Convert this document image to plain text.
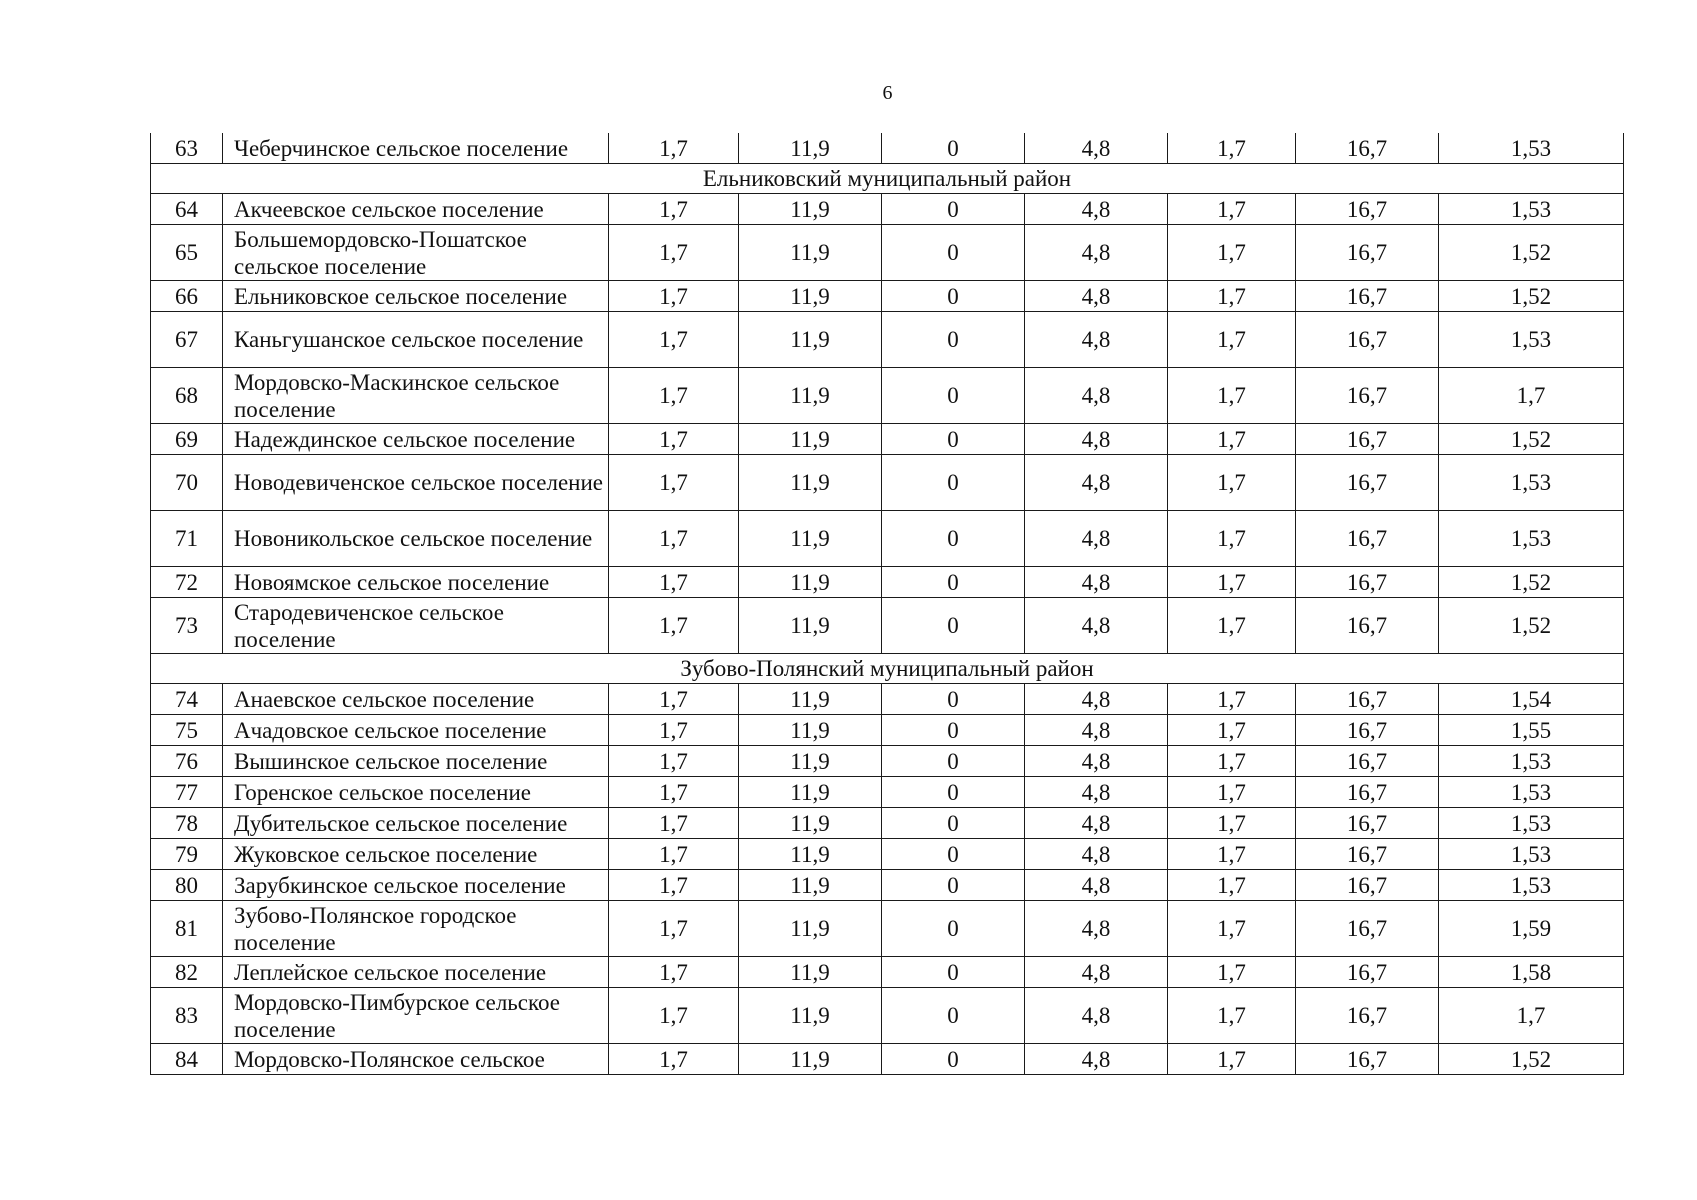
6
63	Чеберчинское сельское поселение	1,7	11,9	0	4,8	1,7	16,7	1,53
Ельниковский муниципальный район								
64	Акчеевское сельское поселение	1,7	11,9	0	4,8	1,7	16,7	1,53
65	Большемордовско-Пошатское сельское поселение	1,7	11,9	0	4,8	1,7	16,7	1,52
66	Ельниковское сельское поселение	1,7	11,9	0	4,8	1,7	16,7	1,52
67	Каньгушанское сельское поселение	1,7	11,9	0	4,8	1,7	16,7	1,53
68	Мордовско-Маскинское сельское поселение	1,7	11,9	0	4,8	1,7	16,7	1,7
69	Надеждинское сельское поселение	1,7	11,9	0	4,8	1,7	16,7	1,52
70	Новодевиченское сельское поселение	1,7	11,9	0	4,8	1,7	16,7	1,53
71	Новоникольское сельское поселение	1,7	11,9	0	4,8	1,7	16,7	1,53
72	Новоямское сельское поселение	1,7	11,9	0	4,8	1,7	16,7	1,52
73	Стародевиченское сельское поселение	1,7	11,9	0	4,8	1,7	16,7	1,52
Зубово-Полянский муниципальный район								
74	Анаевское сельское поселение	1,7	11,9	0	4,8	1,7	16,7	1,54
75	Ачадовское сельское поселение	1,7	11,9	0	4,8	1,7	16,7	1,55
76	Вышинское сельское поселение	1,7	11,9	0	4,8	1,7	16,7	1,53
77	Горенское сельское поселение	1,7	11,9	0	4,8	1,7	16,7	1,53
78	Дубительское сельское поселение	1,7	11,9	0	4,8	1,7	16,7	1,53
79	Жуковское сельское поселение	1,7	11,9	0	4,8	1,7	16,7	1,53
80	Зарубкинское сельское поселение	1,7	11,9	0	4,8	1,7	16,7	1,53
81	Зубово-Полянское городское поселение	1,7	11,9	0	4,8	1,7	16,7	1,59
82	Леплейское сельское поселение	1,7	11,9	0	4,8	1,7	16,7	1,58
83	Мордовско-Пимбурское сельское поселение	1,7	11,9	0	4,8	1,7	16,7	1,7
84	Мордовско-Полянское сельское	1,7	11,9	0	4,8	1,7	16,7	1,52
